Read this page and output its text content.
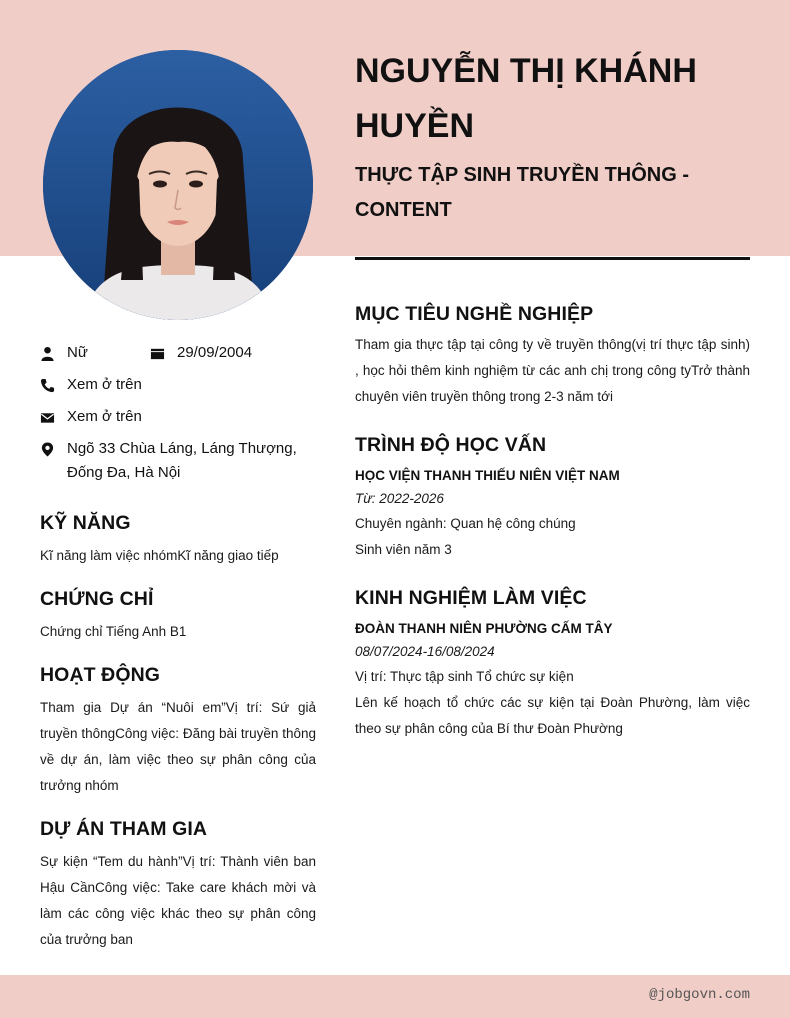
NGUYỄN THỊ KHÁNH HUYỀN
THỰC TẬP SINH TRUYỀN THÔNG - CONTENT
Nữ	29/09/2004
Xem ở trên
Xem ở trên
Ngõ 33 Chùa Láng, Láng Thượng, Đống Đa, Hà Nội
KỸ NĂNG

Kĩ năng làm việc nhómKĩ năng giao tiếp

CHỨNG CHỈ

Chứng chỉ Tiếng Anh B1

HOẠT ĐỘNG

Tham gia Dự án “Nuôi em”Vị trí: Sứ giả truyền thôngCông việc: Đăng bài truyền thông về dự án, làm việc theo sự phân công của trưởng nhóm

DỰ ÁN THAM GIA

Sự kiện “Tem du hành”Vị trí: Thành viên ban Hậu CầnCông việc: Take care khách mời và làm các công việc khác theo sự phân công của trưởng ban

MỤC TIÊU NGHỀ NGHIỆP

Tham gia thực tập tại công ty về truyền thông(vị trí thực tập sinh) , học hỏi thêm kinh nghiệm từ các anh chị trong công tyTrở thành chuyên viên truyền thông trong 2-3 năm tới

TRÌNH ĐỘ HỌC VẤN

HỌC VIỆN THANH THIẾU NIÊN VIỆT NAM

Từ: 2022-2026

Chuyên ngành: Quan hệ công chúng

Sinh viên năm 3

KINH NGHIỆM LÀM VIỆC

ĐOÀN THANH NIÊN PHƯỜNG CẤM TÂY

08/07/2024-16/08/2024

Vị trí: Thực tập sinh Tổ chức sự kiện

Lên kế hoạch tổ chức các sự kiện tại Đoàn Phường, làm việc theo sự phân công của Bí thư Đoàn Phường

@jobgovn.com
